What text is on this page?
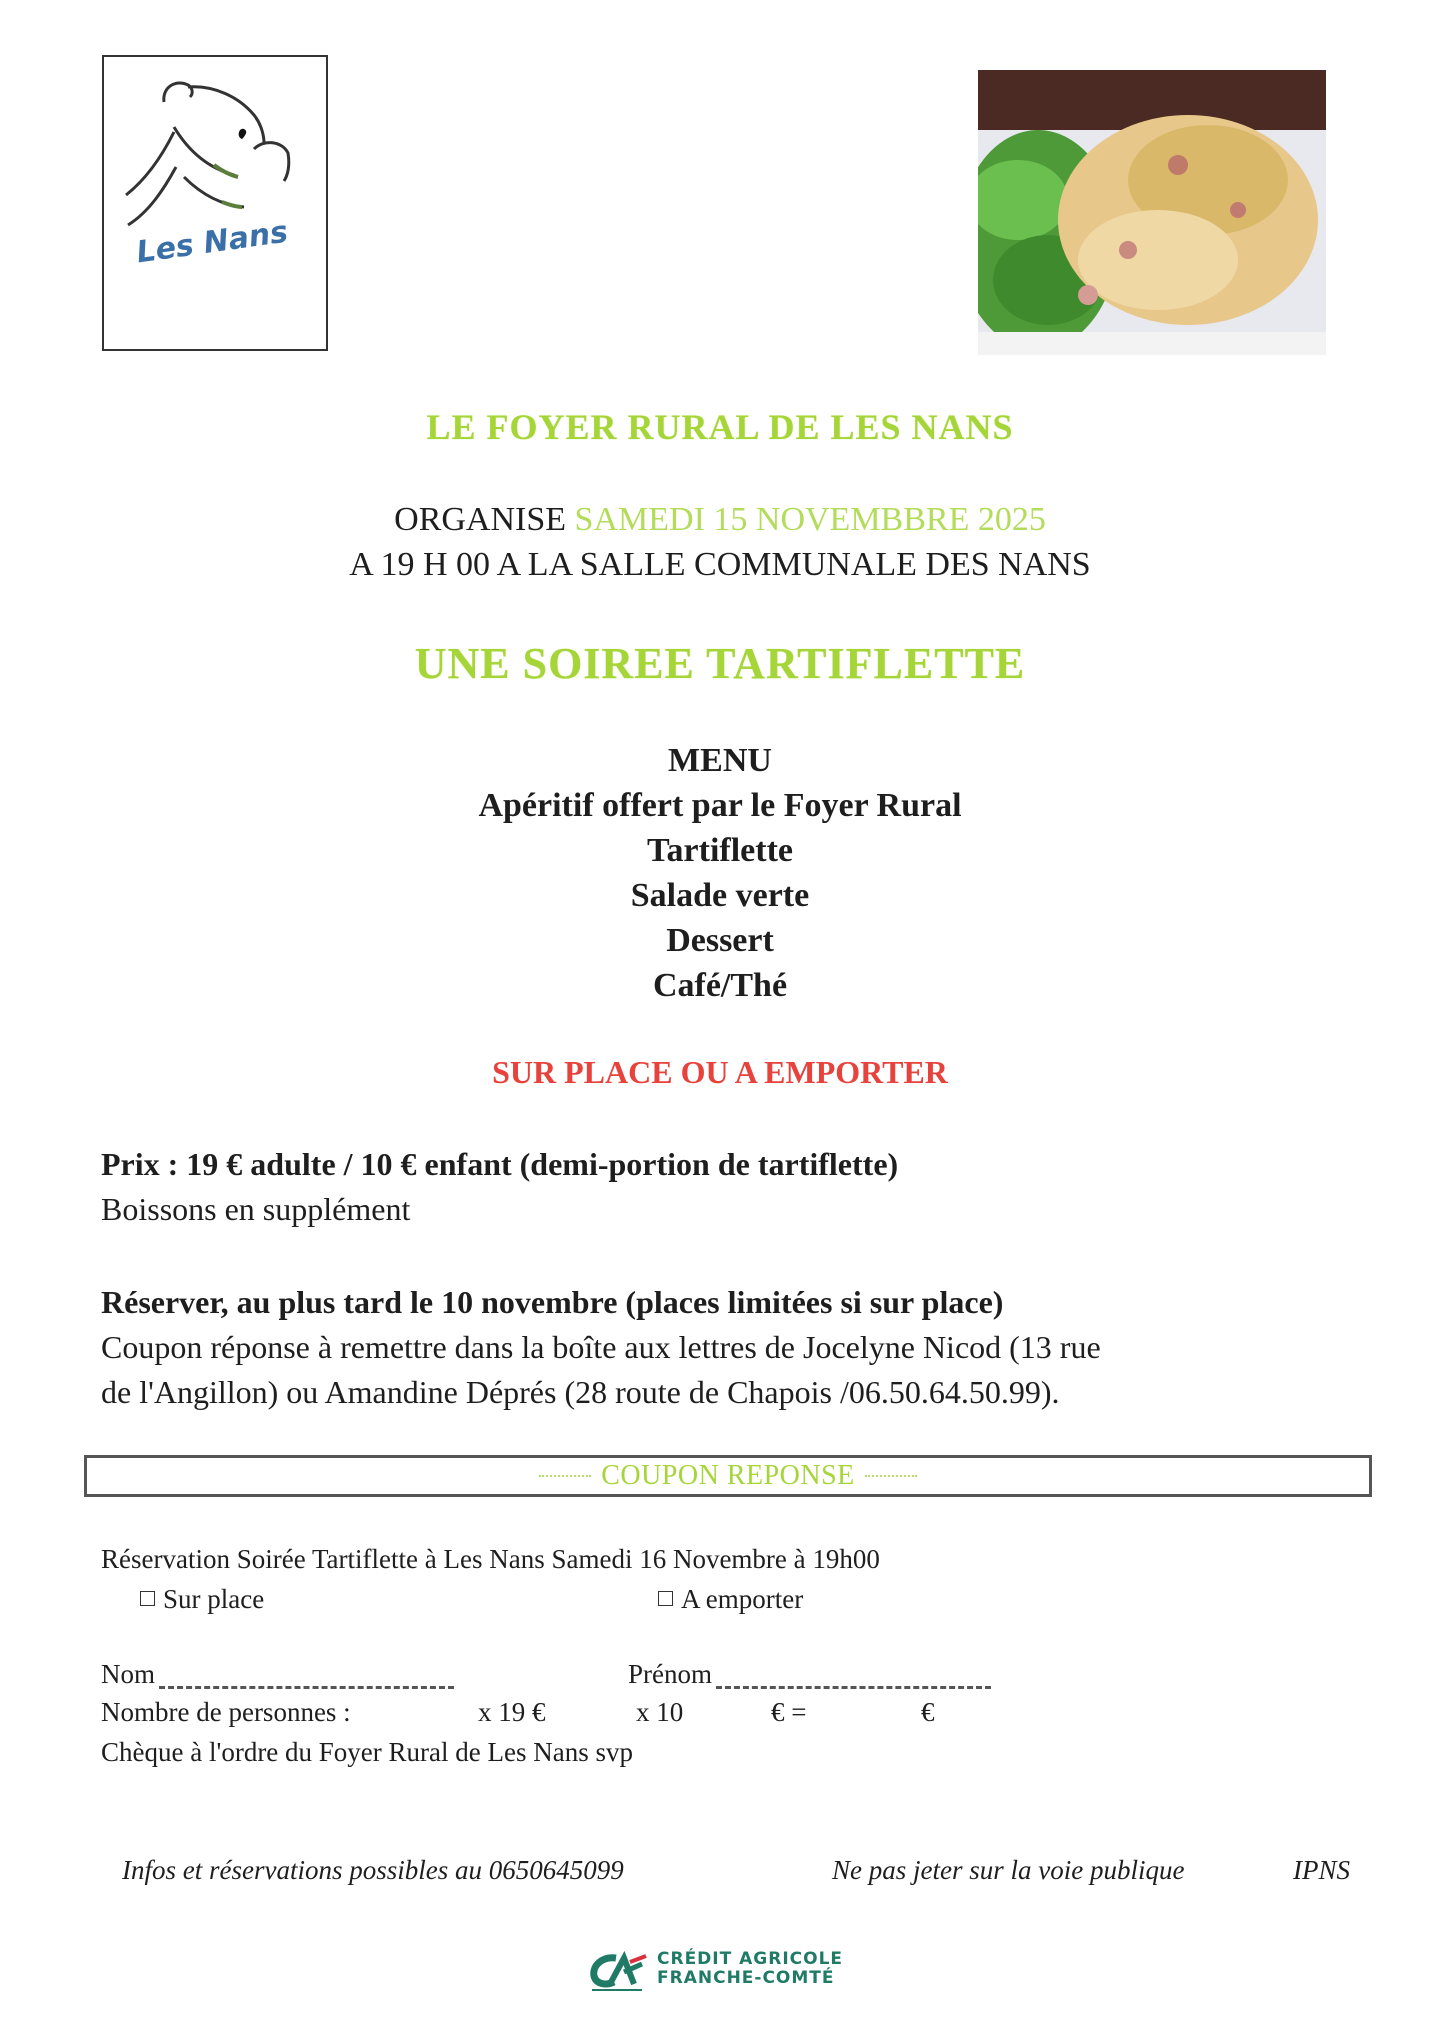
Les Nans
LE FOYER RURAL DE LES NANS
ORGANISE SAMEDI 15 NOVEMBBRE 2025
A 19 H 00 A LA SALLE COMMUNALE DES NANS
UNE SOIREE TARTIFLETTE
MENU
Apéritif offert par le Foyer Rural
Tartiflette
Salade verte
Dessert
Café/Thé
SUR PLACE OU A EMPORTER
Prix : 19 € adulte / 10 € enfant (demi-portion de tartiflette)
Boissons en supplément
Réserver, au plus tard le 10 novembre (places limitées si sur place)
Coupon réponse à remettre dans la boîte aux lettres de Jocelyne Nicod (13 rue
de l'Angillon) ou Amandine Déprés (28 route de Chapois /06.50.64.50.99).
COUPON REPONSE
Réservation Soirée Tartiflette à Les Nans Samedi 16 Novembre à 19h00
Sur place	A emporter
Nom	Prénom
Nombre de personnes :	x 19 €	x 10	€ =	€
Chèque à l'ordre du Foyer Rural de Les Nans svp
Infos et réservations possibles au 0650645099	Ne pas jeter sur la voie publique	IPNS
CRÉDIT AGRICOLE
FRANCHE-COMTÉ
